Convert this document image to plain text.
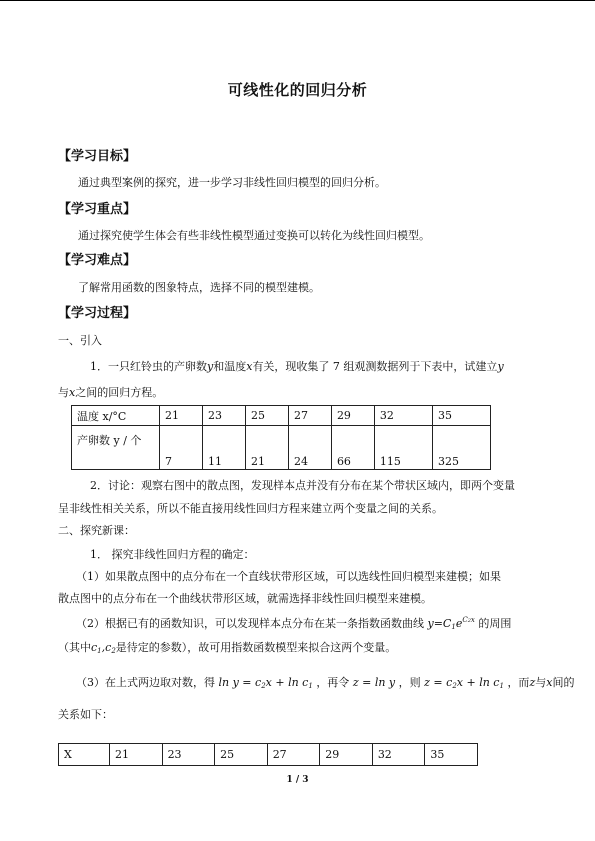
可线性化的回归分析
【学习目标】
通过典型案例的探究，进一步学习非线性回归模型的回归分析。
【学习重点】
通过探究使学生体会有些非线性模型通过变换可以转化为线性回归模型。
【学习难点】
了解常用函数的图象特点，选择不同的模型建模。
【学习过程】
一、引入
1．一只红铃虫的产卵数y和温度x有关，现收集了 7 组观测数据列于下表中，试建立y
与x之间的回归方程。
温度 x/°C	21	23	25	27	29	32	35
产卵数 y / 个	7	11	21	24	66	115	325
2．讨论：观察右图中的散点图，发现样本点并没有分布在某个带状区域内，即两个变量
呈非线性相关关系，所以不能直接用线性回归方程来建立两个变量之间的关系。
二、探究新课：
1． 探究非线性回归方程的确定：
（1）如果散点图中的点分布在一个直线状带形区域，可以选线性回归模型来建模；如果
散点图中的点分布在一个曲线状带形区域，就需选择非线性回归模型来建模。
（2）根据已有的函数知识，可以发现样本点分布在某一条指数函数曲线 $y=C_1e^{C2x}$ 的周围
（其中$c_1,c_2$是待定的参数），故可用指数函数模型来拟合这两个变量。
（3）在上式两边取对数，得 $\ln y = c_2x + \ln c_1$ ，再令 z = ln y ，则 $z = c_2x + \ln c_1$ ，而z与x间的
关系如下：
X	21	23	25	27	29	32	35
1 / 3
